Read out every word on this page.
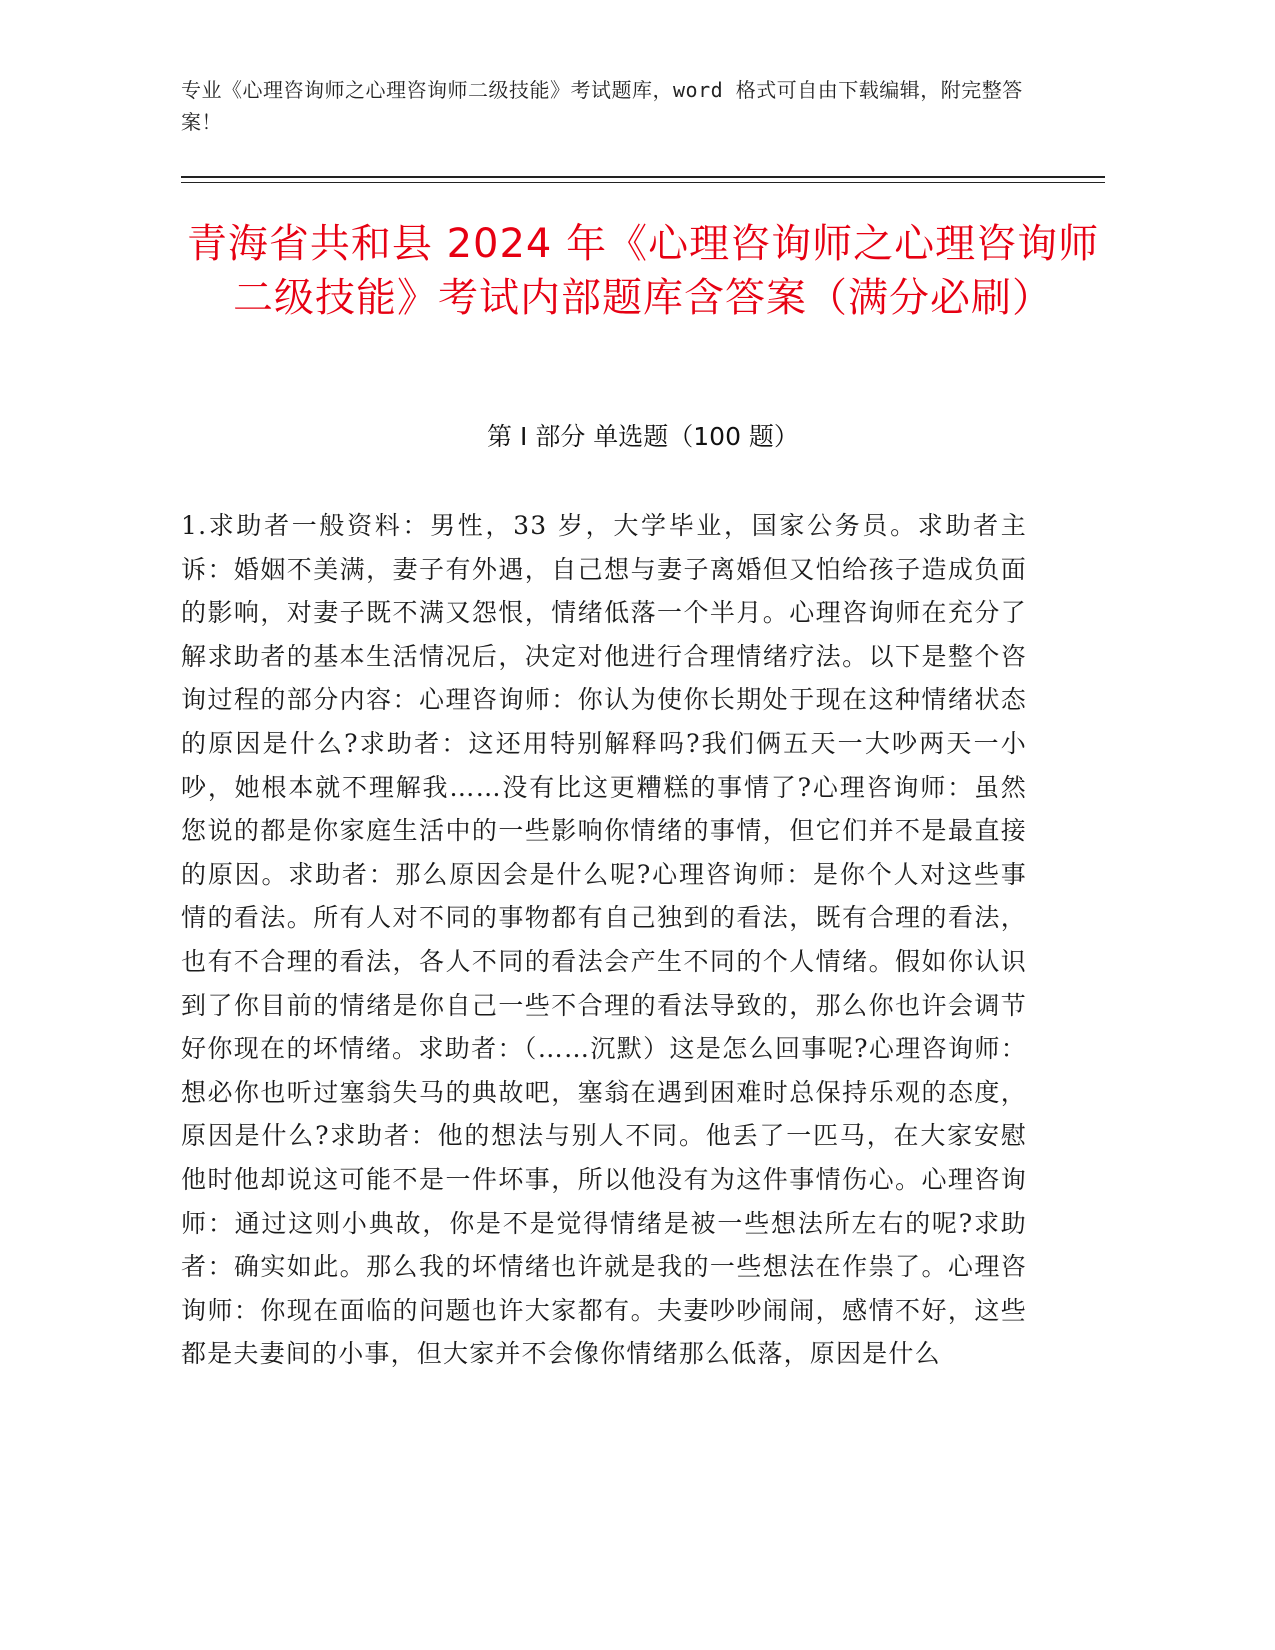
专业《心理咨询师之心理咨询师二级技能》考试题库，word 格式可自由下载编辑，附完整答案！
青海省共和县 2024 年《心理咨询师之心理咨询师二级技能》考试内部题库含答案（满分必刷）
第 I 部分 单选题（100 题）
1.求助者一般资料：男性，33 岁，大学毕业，国家公务员。求助者主诉：婚姻不美满，妻子有外遇，自己想与妻子离婚但又怕给孩子造成负面的影响，对妻子既不满又怨恨，情绪低落一个半月。心理咨询师在充分了解求助者的基本生活情况后，决定对他进行合理情绪疗法。以下是整个咨询过程的部分内容：心理咨询师：你认为使你长期处于现在这种情绪状态的原因是什么?求助者：这还用特别解释吗?我们俩五天一大吵两天一小吵，她根本就不理解我……没有比这更糟糕的事情了?心理咨询师：虽然您说的都是你家庭生活中的一些影响你情绪的事情，但它们并不是最直接的原因。求助者：那么原因会是什么呢?心理咨询师：是你个人对这些事情的看法。所有人对不同的事物都有自己独到的看法，既有合理的看法，也有不合理的看法，各人不同的看法会产生不同的个人情绪。假如你认识到了你目前的情绪是你自己一些不合理的看法导致的，那么你也许会调节好你现在的坏情绪。求助者：（……沉默）这是怎么回事呢?心理咨询师：想必你也听过塞翁失马的典故吧，塞翁在遇到困难时总保持乐观的态度，原因是什么?求助者：他的想法与别人不同。他丢了一匹马，在大家安慰他时他却说这可能不是一件坏事，所以他没有为这件事情伤心。心理咨询师：通过这则小典故，你是不是觉得情绪是被一些想法所左右的呢?求助者：确实如此。那么我的坏情绪也许就是我的一些想法在作祟了。心理咨询师：你现在面临的问题也许大家都有。夫妻吵吵闹闹，感情不好，这些都是夫妻间的小事，但大家并不会像你情绪那么低落，原因是什么
